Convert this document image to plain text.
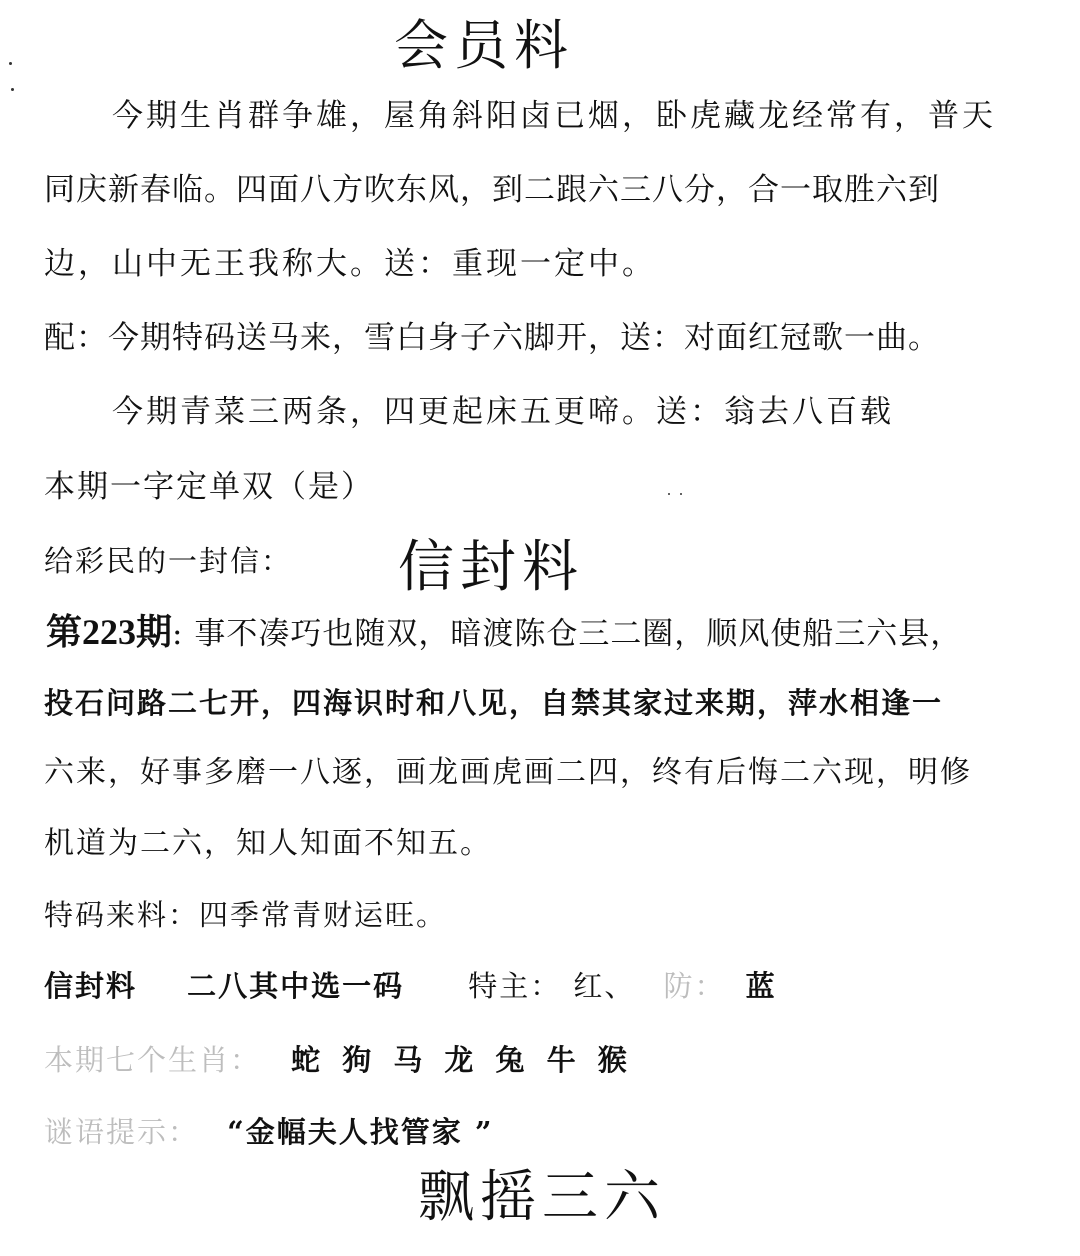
会员料
今期生肖群争雄，屋角斜阳卤已烟，卧虎藏龙经常有，普天
同庆新春临。四面八方吹东风，到二跟六三八分，合一取胜六到
边，山中无王我称大。送：重现一定中。
配：今期特码送马来，雪白身子六脚开，送：对面红冠歌一曲。
今期青菜三两条，四更起床五更啼。送：翁去八百载
本期一字定单双（是）
给彩民的一封信： 信封料
第223期: 事不凑巧也随双，暗渡陈仓三二圈，顺风使船三六县，
投石问路二七开，四海识时和八见，自禁其家过来期，萍水相逢一
六来，好事多磨一八逐，画龙画虎画二四，终有后悔二六现，明修
机道为二六，知人知面不知五。
特码来料：四季常青财运旺。
信封料 二八其中选一码 特主： 红、 防： 蓝
本期七个生肖： 蛇 狗 马 龙 兔 牛 猴
谜语提示： “金幅夫人找管家 ”
飘摇三六
